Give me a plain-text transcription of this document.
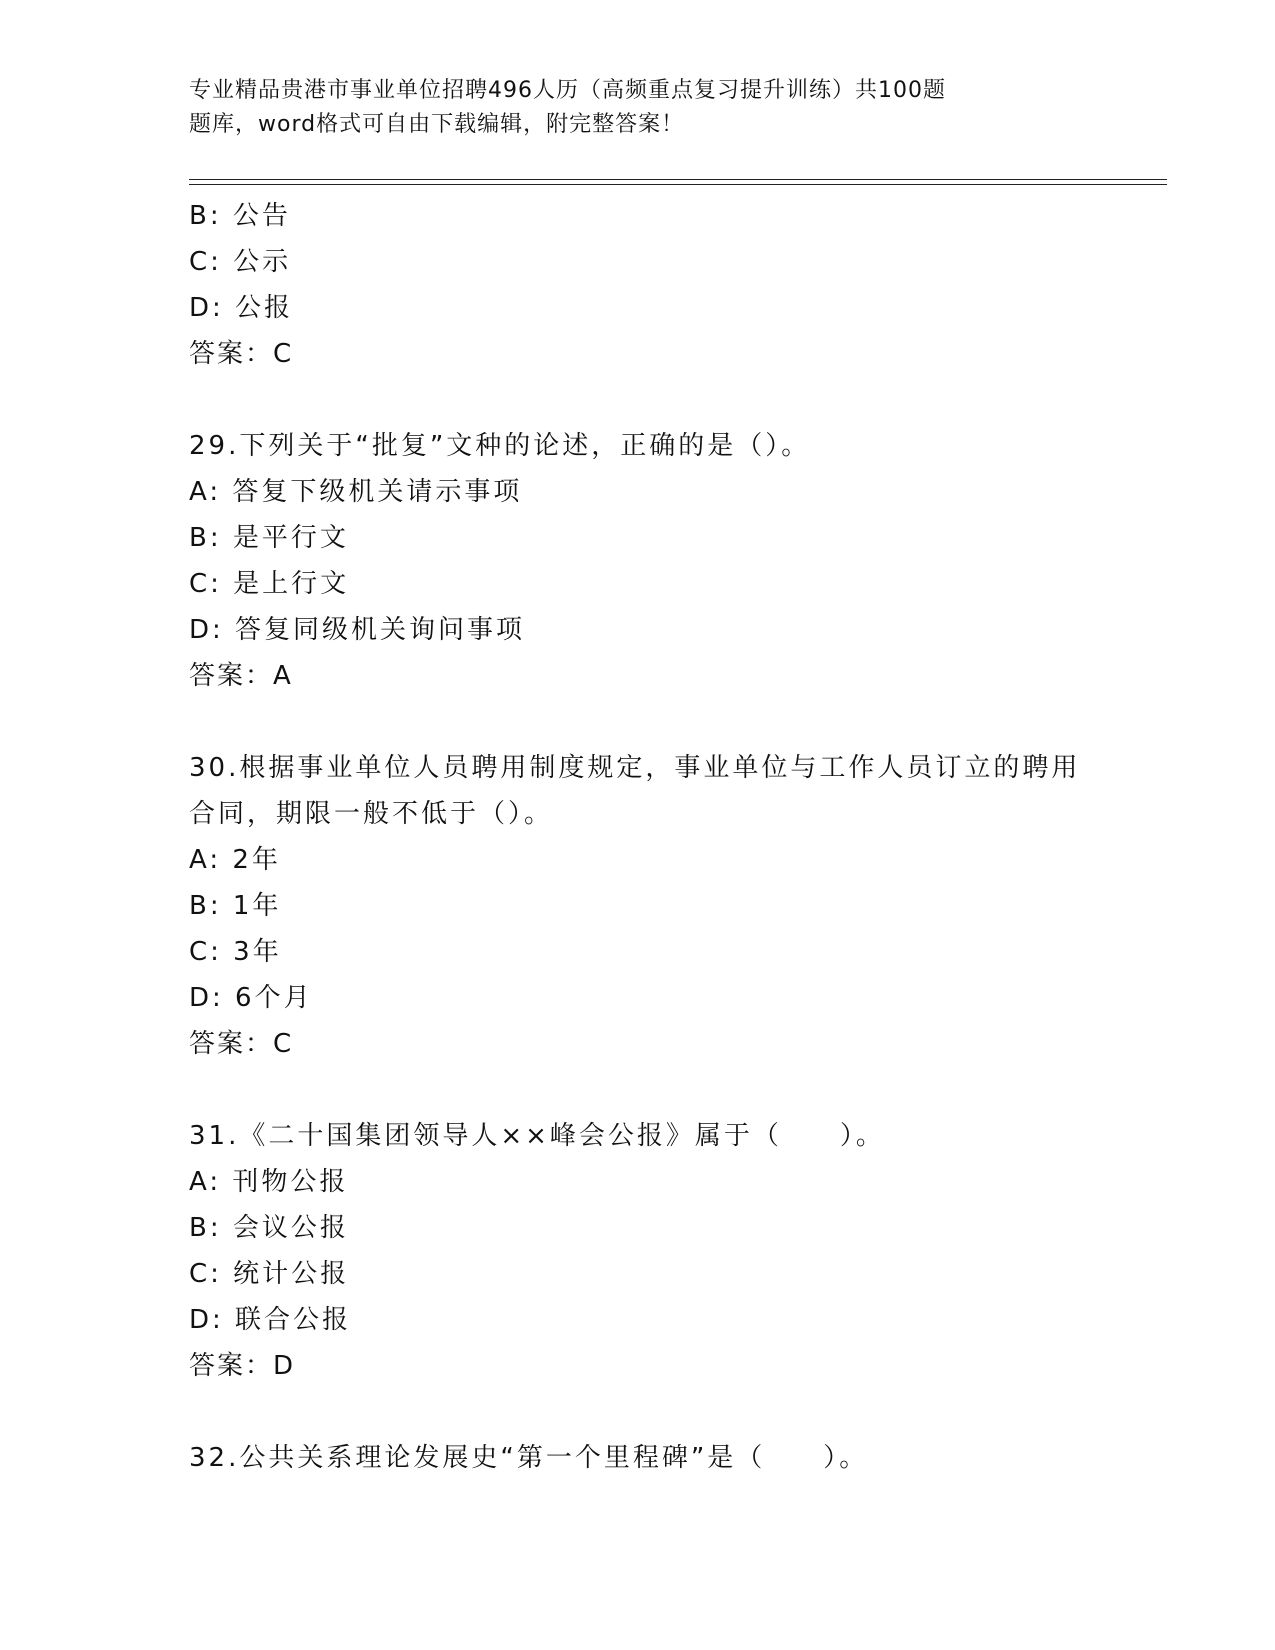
专业精品贵港市事业单位招聘496人历（高频重点复习提升训练）共100题
题库，word格式可自由下载编辑，附完整答案！
B: 公告
C: 公示
D: 公报
答案：C
29.下列关于“批复”文种的论述，正确的是（）。
A: 答复下级机关请示事项
B: 是平行文
C: 是上行文
D: 答复同级机关询问事项
答案：A
30.根据事业单位人员聘用制度规定，事业单位与工作人员订立的聘用
合同，期限一般不低于（）。
A: 2年
B: 1年
C: 3年
D: 6个月
答案：C
31.《二十国集团领导人××峰会公报》属于（　　）。
A: 刊物公报
B: 会议公报
C: 统计公报
D: 联合公报
答案：D
32.公共关系理论发展史“第一个里程碑”是（　　）。
